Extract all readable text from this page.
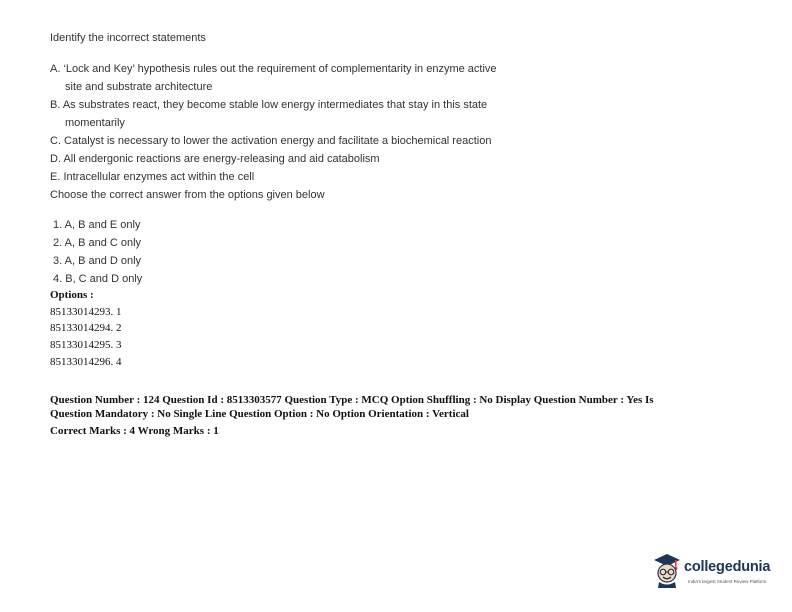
Identify the incorrect statements
A. ‘Lock and Key’ hypothesis rules out the requirement of complementarity in enzyme active
site and substrate architecture
B. As substrates react, they become stable low energy intermediates that stay in this state
momentarily
C. Catalyst is necessary to lower the activation energy and facilitate a biochemical reaction
D. All endergonic reactions are energy-releasing and aid catabolism
E. Intracellular enzymes act within the cell
Choose the correct answer from the options given below
1. A, B and E only
2. A, B and C only
3. A, B and D only
4. B, C and D only
Options :
85133014293. 1
85133014294. 2
85133014295. 3
85133014296. 4
Question Number : 124 Question Id : 8513303577 Question Type : MCQ Option Shuffling : No Display Question Number : Yes Is
Question Mandatory : No Single Line Question Option : No Option Orientation : Vertical
Correct Marks : 4 Wrong Marks : 1
collegedunia
India's largest Student Review Platform
